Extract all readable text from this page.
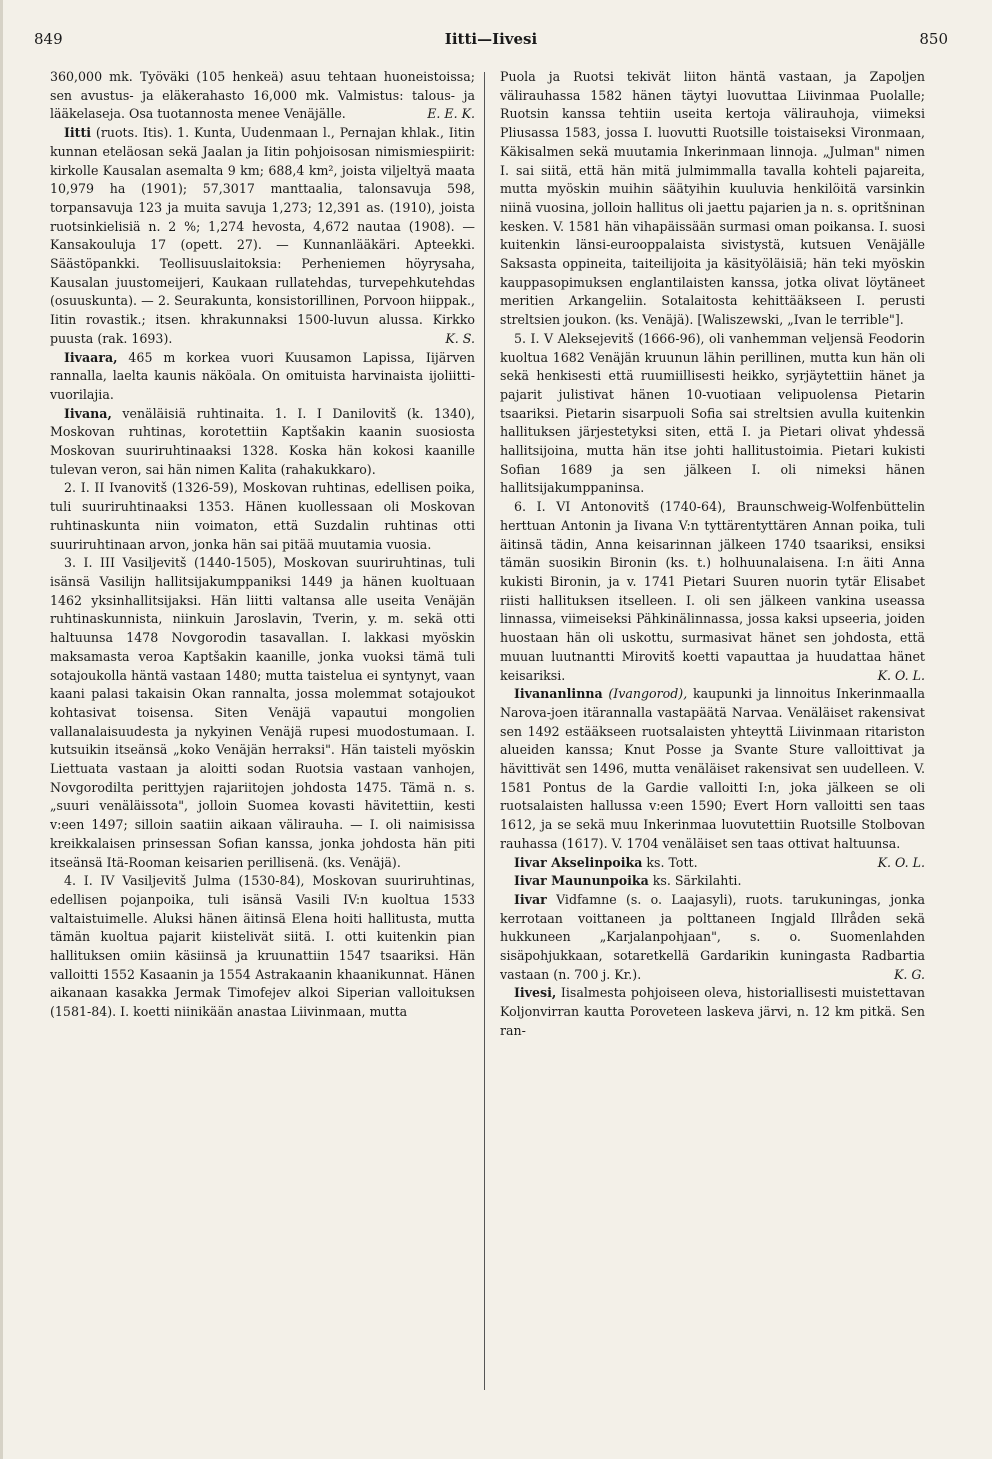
849	Iitti—Iivesi	850

360,000 mk. Työväki (105 henkeä) asuu tehtaan huoneistoissa; sen avustus- ja eläkerahasto 16,000 mk. Valmistus: talous- ja lääkelaseja. Osa tuotannosta menee Venäjälle.	E. E. K.

Iitti (ruots. Itis). 1. Kunta, Uudenmaan l., Pernajan khlak., Iitin kunnan eteläosan sekä Jaalan ja Iitin pohjoisosan nimismiespiirit: kirkolle Kausalan asemalta 9 km; 688,4 km², joista viljeltyä maata 10,979 ha (1901); 57,3017 manttaalia, talonsavuja 598, torpansavuja 123 ja muita savuja 1,273; 12,391 as. (1910), joista ruotsinkielisiä n. 2 %; 1,274 hevosta, 4,672 nautaa (1908). — Kansakouluja 17 (opett. 27). — Kunnanlääkäri. Apteekki. Säästöpankki. Teollisuuslaitoksia: Perheniemen höyrysaha, Kausalan juustomeijeri, Kaukaan rullatehdas, turvepehkutehdas (osuuskunta). — 2. Seurakunta, konsistorillinen, Porvoon hiippak., Iitin rovastik.; itsen. khrakunnaksi 1500-luvun alussa. Kirkko puusta (rak. 1693).	K. S.

Iivaara, 465 m korkea vuori Kuusamon Lapissa, Iijärven rannalla, laelta kaunis näköala. On omituista harvinaista ijoliitti-vuorilajia.

Iivana, venäläisiä ruhtinaita. 1. I. I Danilovitš (k. 1340), Moskovan ruhtinas, korotettiin Kaptšakin kaanin suosiosta Moskovan suuriruhtinaaksi 1328. Koska hän kokosi kaanille tulevan veron, sai hän nimen Kalita (rahakukkaro).

2. I. II Ivanovitš (1326-59), Moskovan ruhtinas, edellisen poika, tuli suuriruhtinaaksi 1353. Hänen kuollessaan oli Moskovan ruhtinaskunta niin voimaton, että Suzdalin ruhtinas otti suuriruhtinaan arvon, jonka hän sai pitää muutamia vuosia.

3. I. III Vasiljevitš (1440-1505), Moskovan suuriruhtinas, tuli isänsä Vasilijn hallitsijakumppaniksi 1449 ja hänen kuoltuaan 1462 yksinhallitsijaksi. Hän liitti valtansa alle useita Venäjän ruhtinaskunnista, niinkuin Jaroslavin, Tverin, y. m. sekä otti haltuunsa 1478 Novgorodin tasavallan. I. lakkasi myöskin maksamasta veroa Kaptšakin kaanille, jonka vuoksi tämä tuli sotajoukolla häntä vastaan 1480; mutta taistelua ei syntynyt, vaan kaani palasi takaisin Okan rannalta, jossa molemmat sotajoukot kohtasivat toisensa. Siten Venäjä vapautui mongolien vallanalaisuudesta ja nykyinen Venäjä rupesi muodostumaan. I. kutsuikin itseänsä „koko Venäjän herraksi". Hän taisteli myöskin Liettuata vastaan ja aloitti sodan Ruotsia vastaan vanhojen, Novgorodilta perittyjen rajariitojen johdosta 1475. Tämä n. s. „suuri venäläissota", jolloin Suomea kovasti hävitettiin, kesti v:een 1497; silloin saatiin aikaan välirauha. — I. oli naimisissa kreikkalaisen prinsessan Sofian kanssa, jonka johdosta hän piti itseänsä Itä-Rooman keisarien perillisenä. (ks. Venäjä).

4. I. IV Vasiljevitš Julma (1530-84), Moskovan suuriruhtinas, edellisen pojanpoika, tuli isänsä Vasili IV:n kuoltua 1533 valtaistuimelle. Aluksi hänen äitinsä Elena hoiti hallitusta, mutta tämän kuoltua pajarit kiistelivät siitä. I. otti kuitenkin pian hallituksen omiin käsiinsä ja kruunattiin 1547 tsaariksi. Hän valloitti 1552 Kasaanin ja 1554 Astrakaanin khaanikunnat. Hänen aikanaan kasakka Jermak Timofejev alkoi Siperian valloituksen (1581-84). I. koetti niinikään anastaa Liivinmaan, mutta

Puola ja Ruotsi tekivät liiton häntä vastaan, ja Zapoljen välirauhassa 1582 hänen täytyi luovuttaa Liivinmaa Puolalle; Ruotsin kanssa tehtiin useita kertoja välirauhoja, viimeksi Pliusassa 1583, jossa I. luovutti Ruotsille toistaiseksi Vironmaan, Käkisalmen sekä muutamia Inkerinmaan linnoja. „Julman" nimen I. sai siitä, että hän mitä julmimmalla tavalla kohteli pajareita, mutta myöskin muihin säätyihin kuuluvia henkilöitä varsinkin niinä vuosina, jolloin hallitus oli jaettu pajarien ja n. s. opritšninan kesken. V. 1581 hän vihapäissään surmasi oman poikansa. I. suosi kuitenkin länsi-eurooppalaista sivistystä, kutsuen Venäjälle Saksasta oppineita, taiteilijoita ja käsityöläisiä; hän teki myöskin kauppasopimuksen englantilaisten kanssa, jotka olivat löytäneet meritien Arkangeliin. Sotalaitosta kehittääkseen I. perusti streltsien joukon. (ks. Venäjä). [Waliszewski, „Ivan le terrible"].

5. I. V Aleksejevitš (1666-96), oli vanhemman veljensä Feodorin kuoltua 1682 Venäjän kruunun lähin perillinen, mutta kun hän oli sekä henkisesti että ruumiillisesti heikko, syrjäytettiin hänet ja pajarit julistivat hänen 10-vuotiaan velipuolensa Pietarin tsaariksi. Pietarin sisarpuoli Sofia sai streltsien avulla kuitenkin hallituksen järjestetyksi siten, että I. ja Pietari olivat yhdessä hallitsijoina, mutta hän itse johti hallitustoimia. Pietari kukisti Sofian 1689 ja sen jälkeen I. oli nimeksi hänen hallitsijakumppaninsa.

6. I. VI Antonovitš (1740-64), Braunschweig-Wolfenbüttelin herttuan Antonin ja Iivana V:n tyttärentyttären Annan poika, tuli äitinsä tädin, Anna keisarinnan jälkeen 1740 tsaariksi, ensiksi tämän suosikin Bironin (ks. t.) holhuunalaisena. I:n äiti Anna kukisti Bironin, ja v. 1741 Pietari Suuren nuorin tytär Elisabet riisti hallituksen itselleen. I. oli sen jälkeen vankina useassa linnassa, viimeiseksi Pähkinälinnassa, jossa kaksi upseeria, joiden huostaan hän oli uskottu, surmasivat hänet sen johdosta, että muuan luutnantti Mirovitš koetti vapauttaa ja huudattaa hänet keisariksi.	K. O. L.

Iivananlinna (Ivangorod), kaupunki ja linnoitus Inkerinmaalla Narova-joen itärannalla vastapäätä Narvaa. Venäläiset rakensivat sen 1492 estääkseen ruotsalaisten yhteyttä Liivinmaan ritariston alueiden kanssa; Knut Posse ja Svante Sture valloittivat ja hävittivät sen 1496, mutta venäläiset rakensivat sen uudelleen. V. 1581 Pontus de la Gardie valloitti I:n, joka jälkeen se oli ruotsalaisten hallussa v:een 1590; Evert Horn valloitti sen taas 1612, ja se sekä muu Inkerinmaa luovutettiin Ruotsille Stolbovan rauhassa (1617). V. 1704 venäläiset sen taas ottivat haltuunsa.
K. O. L.

Iivar Akselinpoika ks. Tott.

Iivar Maununpoika ks. Särkilahti.

Iivar Vidfamne (s. o. Laajasyli), ruots. tarukuningas, jonka kerrotaan voittaneen ja polttaneen Ingjald Illråden sekä hukkuneen „Karjalanpohjaan", s. o. Suomenlahden sisäpohjukkaan, sotaretkellä Gardarikin kuningasta Radbartia vastaan (n. 700 j. Kr.).	K. G.

Iivesi, Iisalmesta pohjoiseen oleva, historiallisesti muistettavan Koljonvirran kautta Poroveteen laskeva järvi, n. 12 km pitkä. Sen ran-
